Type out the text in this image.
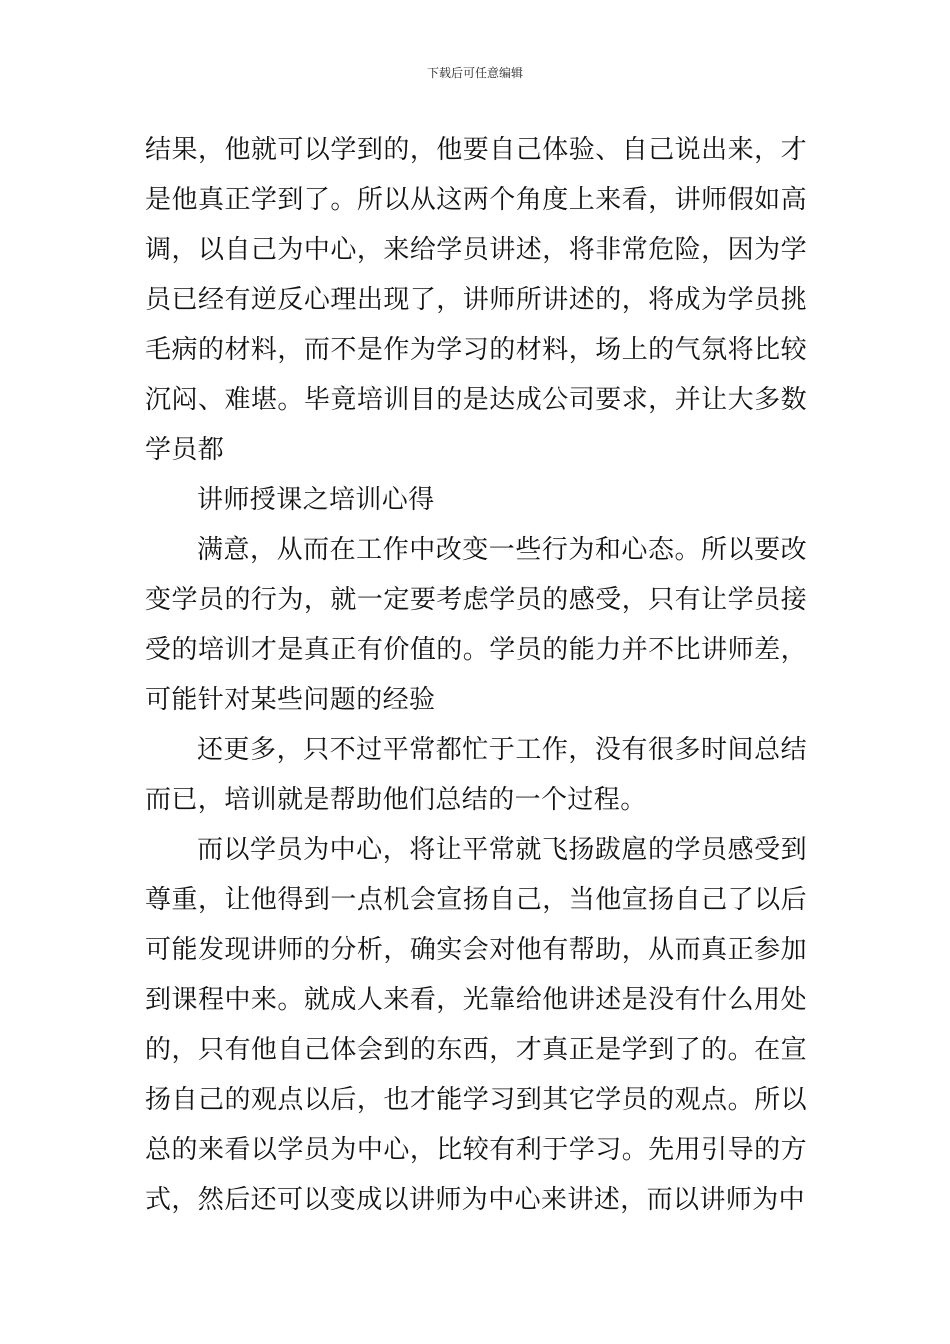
下载后可任意编辑

结果，他就可以学到的，他要自己体验、自己说出来，才是他真正学到了。所以从这两个角度上来看，讲师假如高调，以自己为中心，来给学员讲述，将非常危险，因为学员已经有逆反心理出现了，讲师所讲述的，将成为学员挑毛病的材料，而不是作为学习的材料，场上的气氛将比较沉闷、难堪。毕竟培训目的是达成公司要求，并让大多数学员都

讲师授课之培训心得

满意，从而在工作中改变一些行为和心态。所以要改变学员的行为，就一定要考虑学员的感受，只有让学员接受的培训才是真正有价值的。学员的能力并不比讲师差，可能针对某些问题的经验

还更多，只不过平常都忙于工作，没有很多时间总结而已，培训就是帮助他们总结的一个过程。

而以学员为中心，将让平常就飞扬跋扈的学员感受到尊重，让他得到一点机会宣扬自己，当他宣扬自己了以后可能发现讲师的分析，确实会对他有帮助，从而真正参加到课程中来。就成人来看，光靠给他讲述是没有什么用处的，只有他自己体会到的东西，才真正是学到了的。在宣扬自己的观点以后，也才能学习到其它学员的观点。所以总的来看以学员为中心，比较有利于学习。先用引导的方式，然后还可以变成以讲师为中心来讲述，而以讲师为中
